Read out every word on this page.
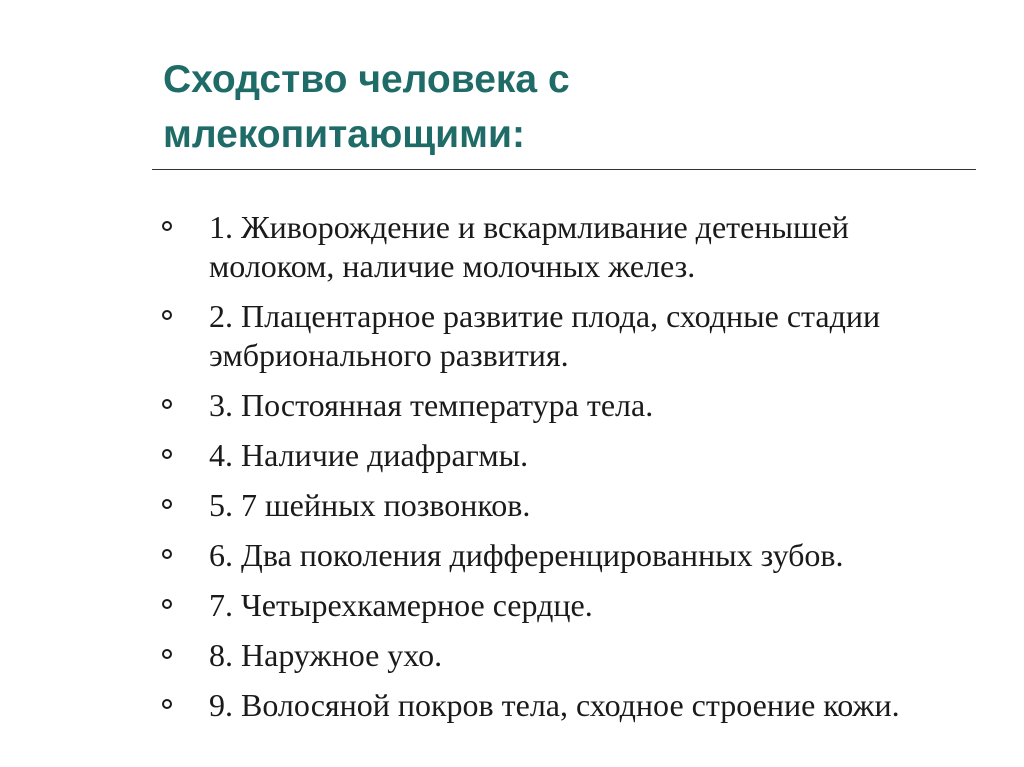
Сходство человека с
млекопитающими:
1. Живорождение и вскармливание детенышей молоком, наличие молочных желез.
2. Плацентарное развитие плода, сходные стадии эмбрионального развития.
3. Постоянная температура тела.
4. Наличие диафрагмы.
5. 7 шейных позвонков.
6. Два поколения дифференцированных зубов.
7. Четырехкамерное сердце.
8. Наружное ухо.
9. Волосяной покров тела, сходное строение кожи.
